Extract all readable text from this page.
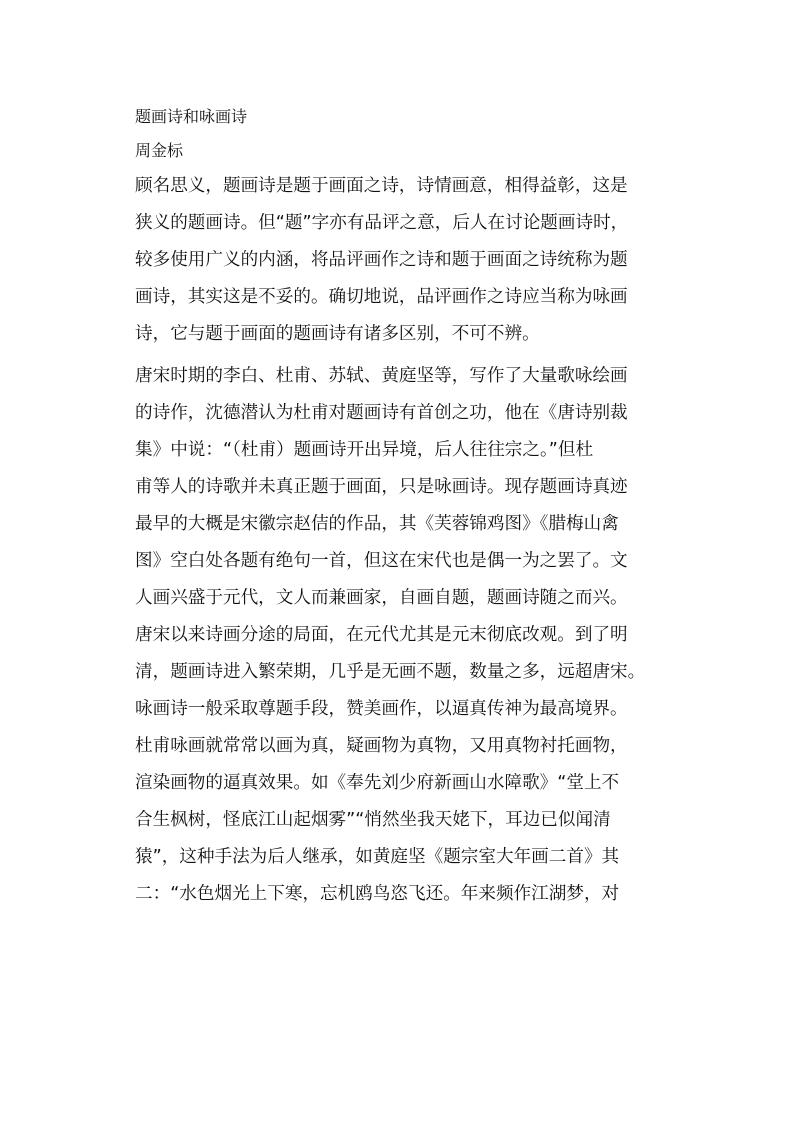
题画诗和咏画诗
周金标
顾名思义，题画诗是题于画面之诗，诗情画意，相得益彰，这是
狭义的题画诗。但“题”字亦有品评之意，后人在讨论题画诗时，
较多使用广义的内涵，将品评画作之诗和题于画面之诗统称为题
画诗，其实这是不妥的。确切地说，品评画作之诗应当称为咏画
诗，它与题于画面的题画诗有诸多区别，不可不辨。
唐宋时期的李白、杜甫、苏轼、黄庭坚等，写作了大量歌咏绘画
的诗作，沈德潜认为杜甫对题画诗有首创之功，他在《唐诗别裁
集》中说：“（杜甫）题画诗开出异境，后人往往宗之。”但杜
甫等人的诗歌并未真正题于画面，只是咏画诗。现存题画诗真迹
最早的大概是宋徽宗赵佶的作品，其《芙蓉锦鸡图》《腊梅山禽
图》空白处各题有绝句一首，但这在宋代也是偶一为之罢了。文
人画兴盛于元代，文人而兼画家，自画自题，题画诗随之而兴。
唐宋以来诗画分途的局面，在元代尤其是元末彻底改观。到了明
清，题画诗进入繁荣期，几乎是无画不题，数量之多，远超唐宋。
咏画诗一般采取尊题手段，赞美画作，以逼真传神为最高境界。
杜甫咏画就常常以画为真，疑画物为真物，又用真物衬托画物，
渲染画物的逼真效果。如《奉先刘少府新画山水障歌》“堂上不
合生枫树，怪底江山起烟雾”“悄然坐我天姥下，耳边已似闻清
猿”，这种手法为后人继承，如黄庭坚《题宗室大年画二首》其
二：“水色烟光上下寒，忘机鸥鸟恣飞还。年来频作江湖梦，对
